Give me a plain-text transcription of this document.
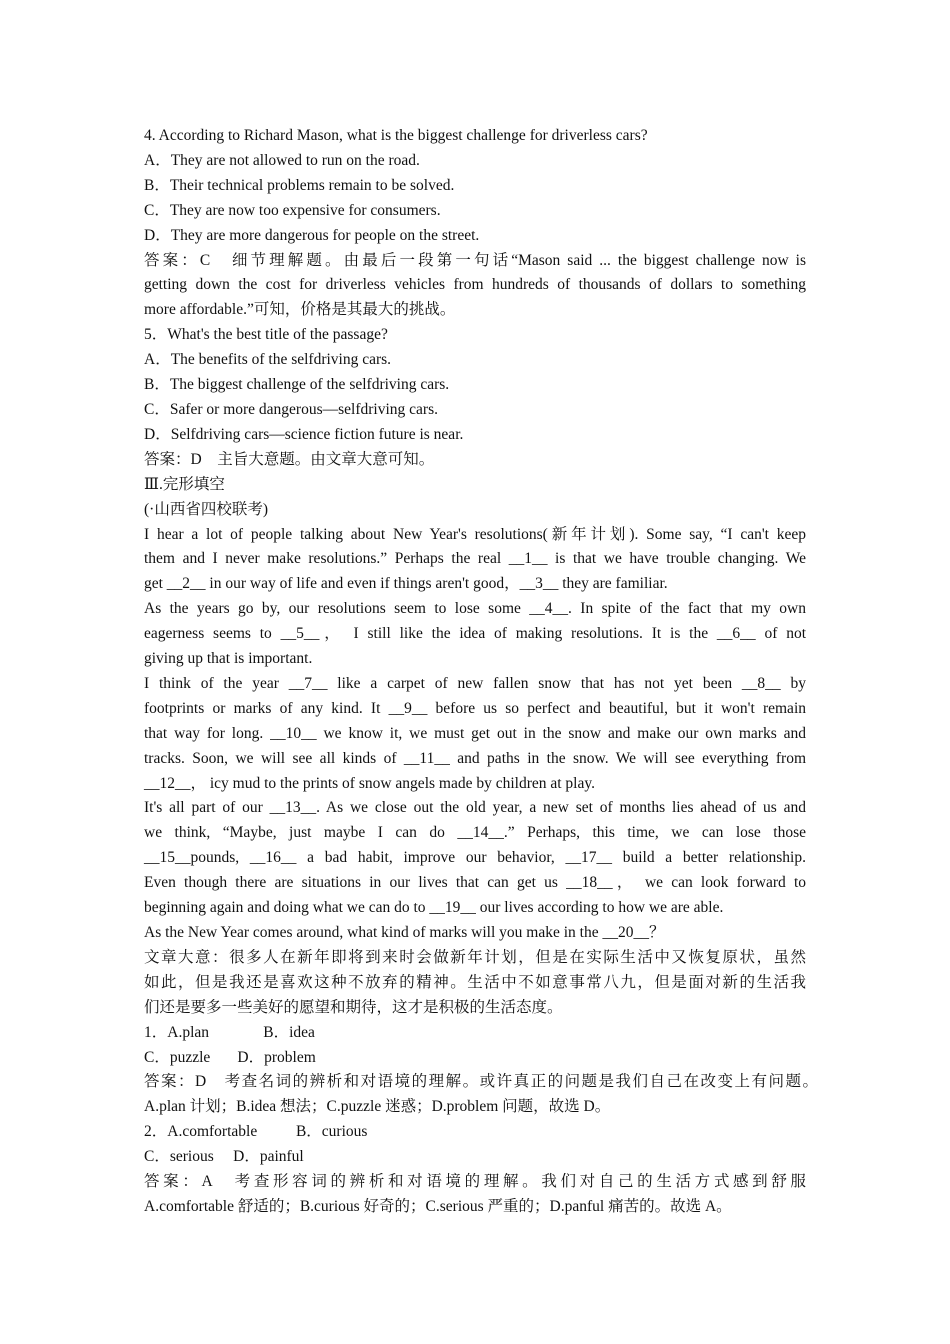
4. According to Richard Mason, what is the biggest challenge for driverless cars?
A．They are not allowed to run on the road.
B．Their technical problems remain to be solved.
C．They are now too expensive for consumers.
D．They are more dangerous for people on the street.
答案：C　细节理解题。由最后一段第一句话“Mason said ... the biggest challenge now is
getting down the cost for driverless vehicles from hundreds of thousands of dollars to something
more affordable.”可知，价格是其最大的挑战。
5．What's the best title of the passage?
A．The benefits of the selfdriving cars.
B．The biggest challenge of the selfdriving cars.
C．Safer or more dangerous—selfdriving cars.
D．Selfdriving cars—science fiction future is near.
答案：D　主旨大意题。由文章大意可知。
Ⅲ.完形填空
(·山西省四校联考)
I hear a lot of people talking about New Year's resolutions(新年计划). Some say, “I can't keep
them and I never make resolutions.” Perhaps the real __1__ is that we have trouble changing. We
get __2__ in our way of life and even if things aren't good，__3__ they are familiar.
As the years go by, our resolutions seem to lose some __4__. In spite of the fact that my own
eagerness seems to __5__， I still like the idea of making resolutions. It is the __6__ of not
giving up that is important.
I think of the year __7__ like a carpet of new fallen snow that has not yet been __8__ by
footprints or marks of any kind. It __9__ before us so perfect and beautiful, but it won't remain
that way for long. __10__ we know it, we must get out in the snow and make our own marks and
tracks. Soon, we will see all kinds of __11__ and paths in the snow. We will see everything from
__12__， icy mud to the prints of snow angels made by children at play.
It's all part of our __13__. As we close out the old year, a new set of months lies ahead of us and
we think, “Maybe, just maybe I can do __14__.” Perhaps, this time, we can lose those
__15__pounds, __16__ a bad habit, improve our behavior, __17__ build a better relationship.
Even though there are situations in our lives that can get us __18__， we can look forward to
beginning again and doing what we can do to __19__ our lives according to how we are able.
As the New Year comes around, what kind of marks will you make in the __20__？
文章大意：很多人在新年即将到来时会做新年计划，但是在实际生活中又恢复原状，虽然
如此，但是我还是喜欢这种不放弃的精神。生活中不如意事常八九，但是面对新的生活我
们还是要多一些美好的愿望和期待，这才是积极的生活态度。
1．A.plan              B．idea
C．puzzle       D．problem
答案：D　考查名词的辨析和对语境的理解。或许真正的问题是我们自己在改变上有问题。
A.plan 计划；B.idea 想法；C.puzzle 迷惑；D.problem 问题，故选 D。
2．A.comfortable          B．curious
C．serious     D．painful
答案：A　考查形容词的辨析和对语境的理解。我们对自己的生活方式感到舒服
A.comfortable 舒适的；B.curious 好奇的；C.serious 严重的；D.panful 痛苦的。故选 A。
